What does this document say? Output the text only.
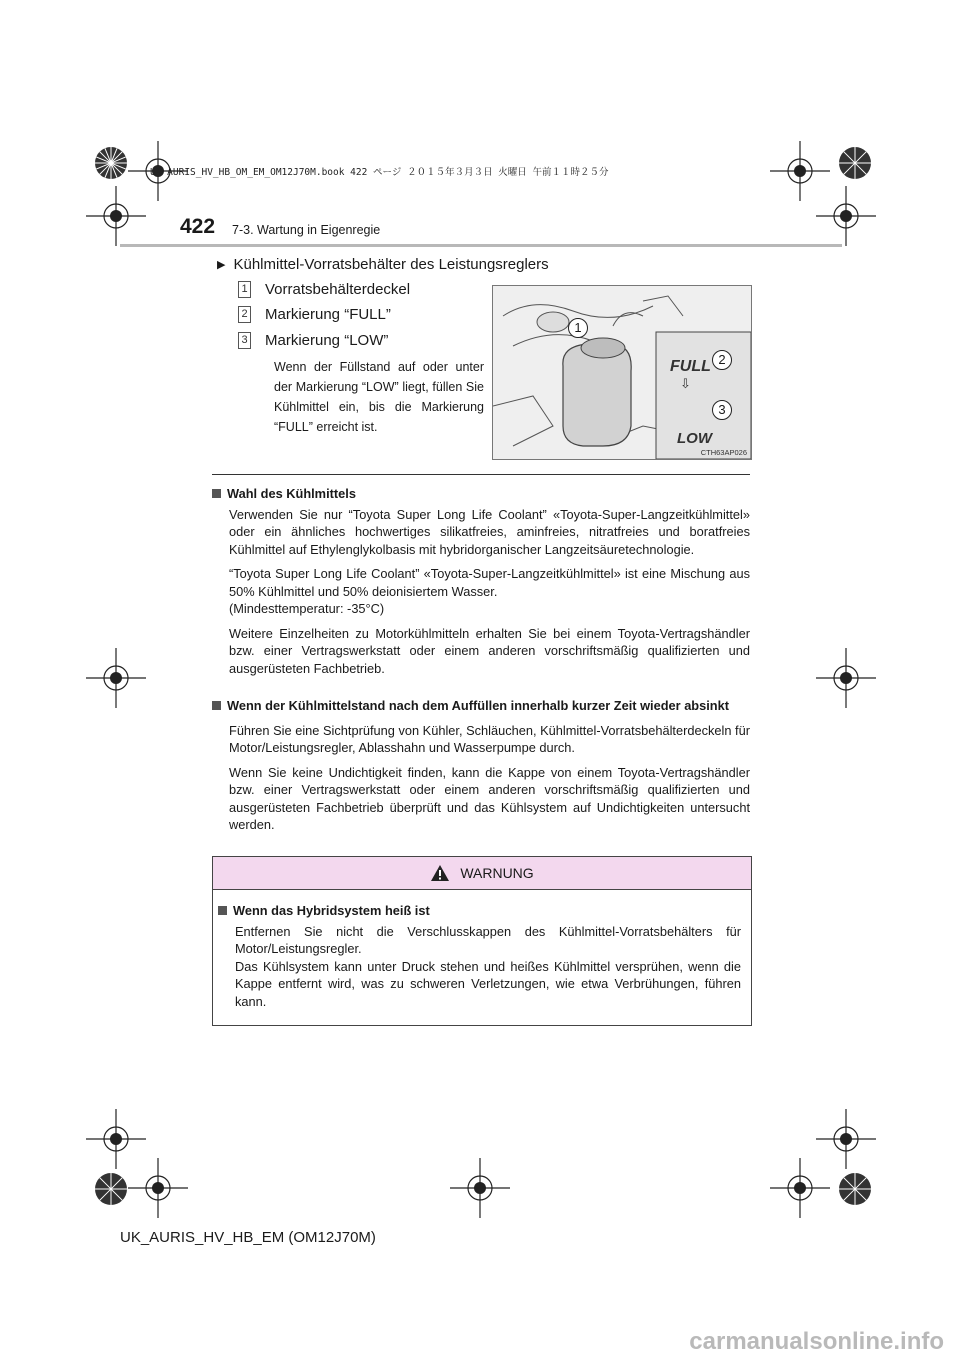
UK AURIS_HV_HB_OM_EM_OM12J70M.book 422 ページ ２０１５年３月３日 火曜日 午前１１時２５分
422 7-3. Wartung in Eigenregie
▶ Kühlmittel-Vorratsbehälter des Leistungsreglers
1 Vorratsbehälterdeckel
2 Markierung “FULL”
3 Markierung “LOW”
Wenn der Füllstand auf oder unter der Markierung “LOW” liegt, füllen Sie Kühlmittel ein, bis die Markierung “FULL” erreicht ist.
FULL
⇩
LOW
1
2
3
CTH63AP026
Wahl des Kühlmittels

Verwenden Sie nur “Toyota Super Long Life Coolant” «Toyota-Super-Langzeitkühlmittel» oder ein ähnliches hochwertiges silikatfreies, aminfreies, nitratfreies und boratfreies Kühlmittel auf Ethylenglykolbasis mit hybridorganischer Langzeitsäuretechnologie.

“Toyota Super Long Life Coolant” «Toyota-Super-Langzeitkühlmittel» ist eine Mischung aus 50% Kühlmittel und 50% deionisiertem Wasser.

(Mindesttemperatur: -35°C)

Weitere Einzelheiten zu Motorkühlmitteln erhalten Sie bei einem Toyota-Vertragshändler bzw. einer Vertragswerkstatt oder einem anderen vorschriftsmäßig qualifizierten und ausgerüsteten Fachbetrieb.

Wenn der Kühlmittelstand nach dem Auffüllen innerhalb kurzer Zeit wieder absinkt

Führen Sie eine Sichtprüfung von Kühler, Schläuchen, Kühlmittel-Vorratsbehälterdeckeln für Motor/Leistungsregler, Ablasshahn und Wasserpumpe durch.

Wenn Sie keine Undichtigkeit finden, kann die Kappe von einem Toyota-Vertragshändler bzw. einer Vertragswerkstatt oder einem anderen vorschriftsmäßig qualifizierten und ausgerüsteten Fachbetrieb überprüft und das Kühlsystem auf Undichtigkeiten untersucht werden.

WARNUNG
Wenn das Hybridsystem heiß ist

Entfernen Sie nicht die Verschlusskappen des Kühlmittel-Vorratsbehälters für Motor/Leistungsregler.

Das Kühlsystem kann unter Druck stehen und heißes Kühlmittel versprühen, wenn die Kappe entfernt wird, was zu schweren Verletzungen, wie etwa Verbrühungen, führen kann.

UK_AURIS_HV_HB_EM (OM12J70M)
carmanualsonline.info
